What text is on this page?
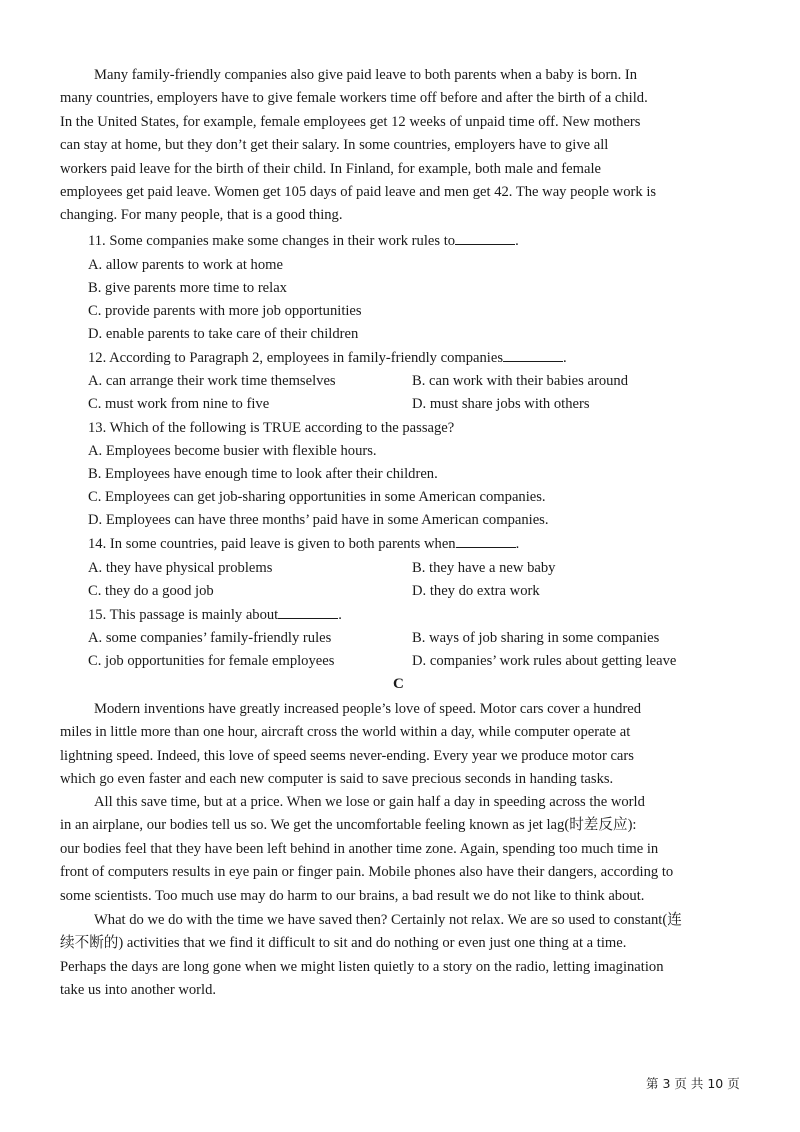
Many family-friendly companies also give paid leave to both parents when a baby is born. In
many countries, employers have to give female workers time off before and after the birth of a child.
In the United States, for example, female employees get 12 weeks of unpaid time off. New mothers
can stay at home, but they don’t get their salary. In some countries, employers have to give all
workers paid leave for the birth of their child. In Finland, for example, both male and female
employees get paid leave. Women get 105 days of paid leave and men get 42. The way people work is
changing. For many people, that is a good thing.
11. Some companies make some changes in their work rules to	.
A. allow parents to work at home
B. give parents more time to relax
C. provide parents with more job opportunities
D. enable parents to take care of their children
12. According to Paragraph 2, employees in family-friendly companies	.
A. can arrange their work time themselves	B. can work with their babies around
C. must work from nine to five	D. must share jobs with others
13. Which of the following is TRUE according to the passage?
A. Employees become busier with flexible hours.
B. Employees have enough time to look after their children.
C. Employees can get job-sharing opportunities in some American companies.
D. Employees can have three months’ paid have in some American companies.
14. In some countries, paid leave is given to both parents when	.
A. they have physical problems	B. they have a new baby
C. they do a good job	D. they do extra work
15. This passage is mainly about	.
A. some companies’ family-friendly rules	B. ways of job sharing in some companies
C. job opportunities for female employees	D. companies’ work rules about getting leave
C
Modern inventions have greatly increased people’s love of speed. Motor cars cover a hundred
miles in little more than one hour, aircraft cross the world within a day, while computer operate at
lightning speed. Indeed, this love of speed seems never-ending. Every year we produce motor cars
which go even faster and each new computer is said to save precious seconds in handing tasks.
All this save time, but at a price. When we lose or gain half a day in speeding across the world
in an airplane, our bodies tell us so. We get the uncomfortable feeling known as jet lag(时差反应):
our bodies feel that they have been left behind in another time zone. Again, spending too much time in
front of computers results in eye pain or finger pain. Mobile phones also have their dangers, according to
some scientists. Too much use may do harm to our brains, a bad result we do not like to think about.
What do we do with the time we have saved then? Certainly not relax. We are so used to constant(连
续不断的) activities that we find it difficult to sit and do nothing or even just one thing at a time.
Perhaps the days are long gone when we might listen quietly to a story on the radio, letting imagination
take us into another world.
第 3 页 共 10 页
